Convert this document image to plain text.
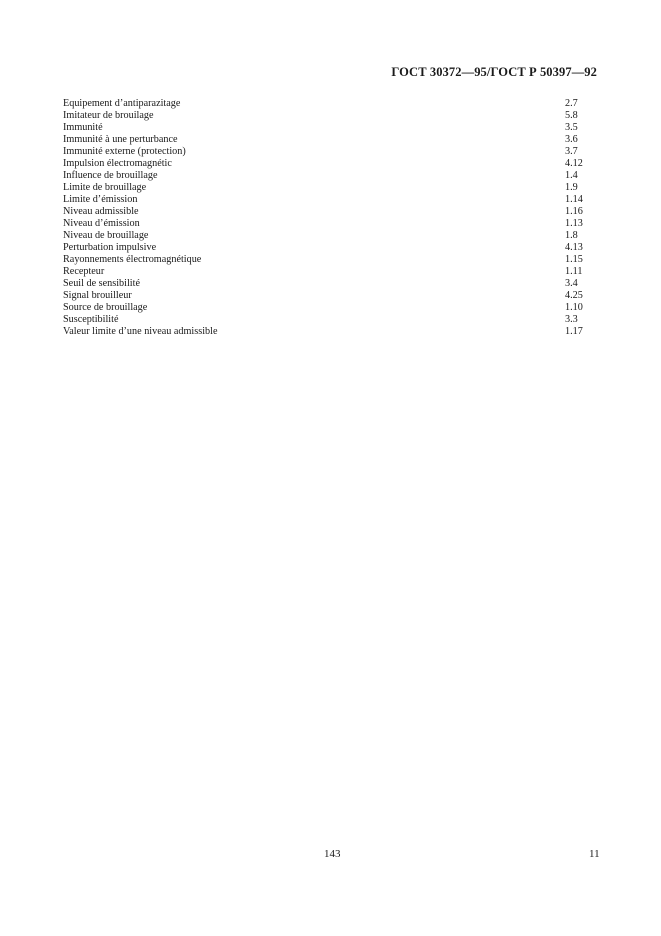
ГОСТ 30372—95/ГОСТ Р 50397—92
Equipement d’antiparazitage	2.7
Imitateur de brouilage	5.8
Immunité	3.5
Immunité à une perturbance	3.6
Immunité externe (protection)	3.7
Impulsion électromagnétic	4.12
Influence de brouillage	1.4
Limite de brouillage	1.9
Limite d’émission	1.14
Niveau admissible	1.16
Niveau d’émission	1.13
Niveau de brouillage	1.8
Perturbation impulsive	4.13
Rayonnements électromagnétique	1.15
Recepteur	1.11
Seuil de sensibilité	3.4
Signal brouilleur	4.25
Source de brouillage	1.10
Susceptibilité	3.3
Valeur limite d’une niveau admissible	1.17
143	11
